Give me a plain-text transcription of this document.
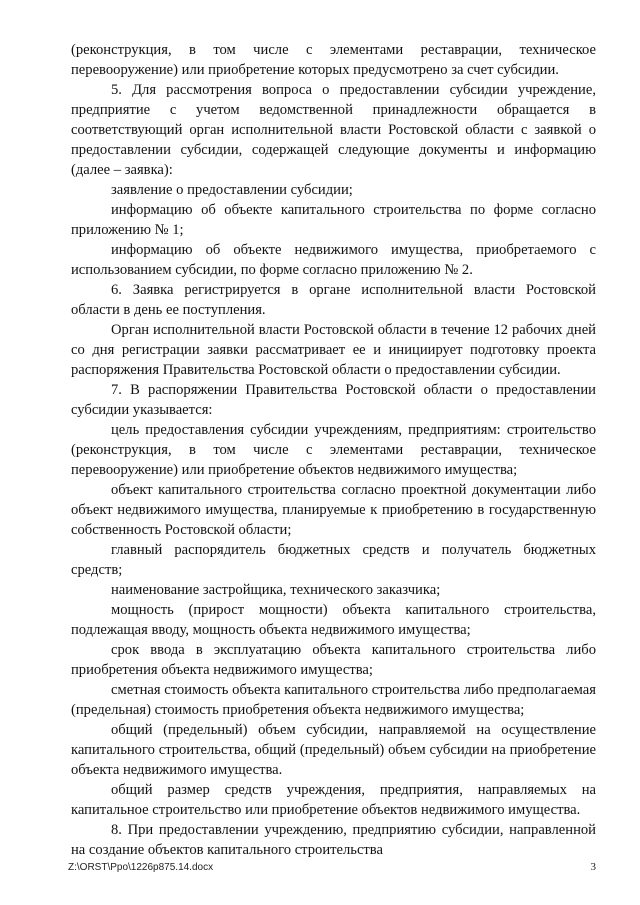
(реконструкция, в том числе с элементами реставрации, техническое перевооружение) или приобретение которых предусмотрено за счет субсидии.

5. Для рассмотрения вопроса о предоставлении субсидии учреждение, предприятие с учетом ведомственной принадлежности обращается в соответствующий орган исполнительной власти Ростовской области с заявкой о предоставлении субсидии, содержащей следующие документы и информацию (далее – заявка):

заявление о предоставлении субсидии;

информацию об объекте капитального строительства по форме согласно приложению № 1;

информацию об объекте недвижимого имущества, приобретаемого с использованием субсидии, по форме согласно приложению № 2.

6. Заявка регистрируется в органе исполнительной власти Ростовской области в день ее поступления.

Орган исполнительной власти Ростовской области в течение 12 рабочих дней со дня регистрации заявки рассматривает ее и инициирует подготовку проекта распоряжения Правительства Ростовской области о предоставлении субсидии.

7. В распоряжении Правительства Ростовской области о предоставлении субсидии указывается:

цель предоставления субсидии учреждениям, предприятиям: строительство (реконструкция, в том числе с элементами реставрации, техническое перевооружение) или приобретение объектов недвижимого имущества;

объект капитального строительства согласно проектной документации либо объект недвижимого имущества, планируемые к приобретению в государственную собственность Ростовской области;

главный распорядитель бюджетных средств и получатель бюджетных средств;

наименование застройщика, технического заказчика;

мощность (прирост мощности) объекта капитального строительства, подлежащая вводу, мощность объекта недвижимого имущества;

срок ввода в эксплуатацию объекта капитального строительства либо приобретения объекта недвижимого имущества;

сметная стоимость объекта капитального строительства либо предполагаемая (предельная) стоимость приобретения объекта недвижимого имущества;

общий (предельный) объем субсидии, направляемой на осуществление капитального строительства, общий (предельный) объем субсидии на приобретение объекта недвижимого имущества.

общий размер средств учреждения, предприятия, направляемых на капитальное строительство или приобретение объектов недвижимого имущества.

8. При предоставлении учреждению, предприятию субсидии, направленной на создание объектов капитального строительства

Z:\ORST\Ppo\1226p875.14.docx	3
